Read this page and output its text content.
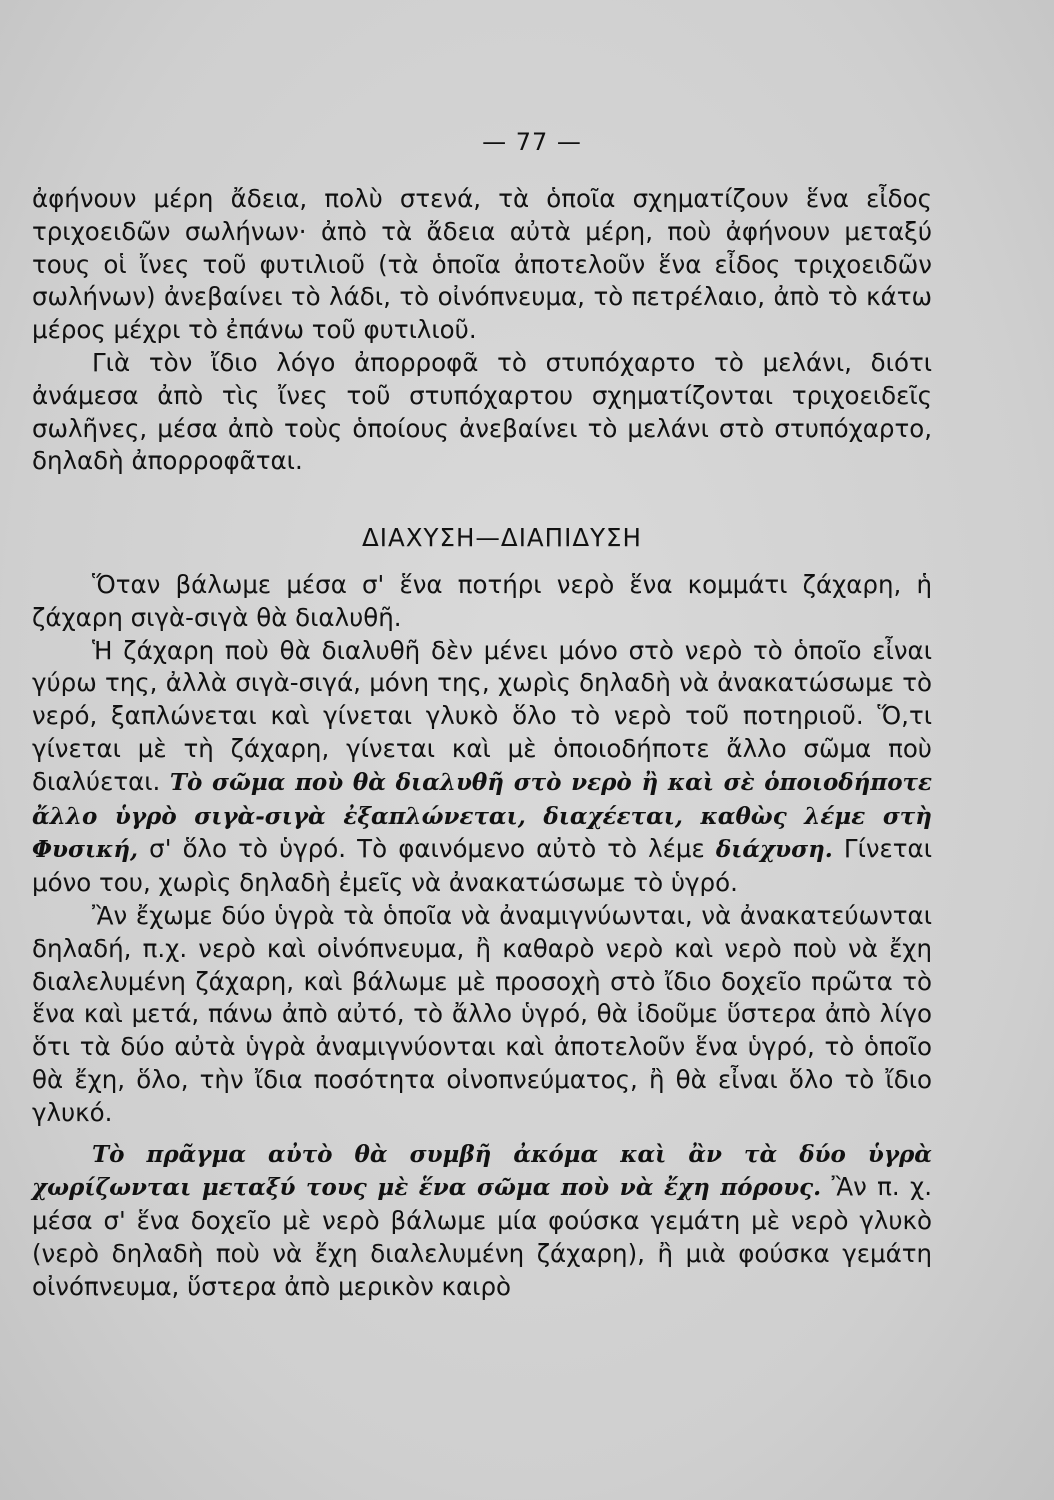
— 77 —

ἀφήνουν μέρη ἄδεια, πολὺ στενά, τὰ ὁποῖα σχηματίζουν ἕνα εἶδος τριχοειδῶν σωλήνων· ἀπὸ τὰ ἄδεια αὐτὰ μέρη, ποὺ ἀφήνουν μεταξύ τους οἱ ἴνες τοῦ φυτιλιοῦ (τὰ ὁποῖα ἀποτελοῦν ἕνα εἶδος τριχοειδῶν σωλήνων) ἀνεβαίνει τὸ λάδι, τὸ οἰνόπνευμα, τὸ πετρέλαιο, ἀπὸ τὸ κάτω μέρος μέχρι τὸ ἐπάνω τοῦ φυτιλιοῦ.

Γιὰ τὸν ἴδιο λόγο ἀπορροφᾶ τὸ στυπόχαρτο τὸ μελάνι, διότι ἀνάμεσα ἀπὸ τὶς ἴνες τοῦ στυπόχαρτου σχηματίζονται τριχοειδεῖς σωλῆνες, μέσα ἀπὸ τοὺς ὁποίους ἀνεβαίνει τὸ μελάνι στὸ στυπόχαρτο, δηλαδὴ ἀπορροφᾶται.

ΔΙΑΧΥΣΗ—ΔΙΑΠΙΔΥΣΗ

Ὅταν βάλωμε μέσα σ' ἕνα ποτήρι νερὸ ἕνα κομμάτι ζάχαρη, ἡ ζάχαρη σιγὰ-σιγὰ θὰ διαλυθῆ.

Ἡ ζάχαρη ποὺ θὰ διαλυθῆ δὲν μένει μόνο στὸ νερὸ τὸ ὁποῖο εἶναι γύρω της, ἀλλὰ σιγὰ-σιγά, μόνη της, χωρὶς δηλαδὴ νὰ ἀνακατώσωμε τὸ νερό, ξαπλώνεται καὶ γίνεται γλυκὸ ὅλο τὸ νερὸ τοῦ ποτηριοῦ. Ὅ,τι γίνεται μὲ τὴ ζάχαρη, γίνεται καὶ μὲ ὁποιοδήποτε ἄλλο σῶμα ποὺ διαλύεται. Τὸ σῶμα ποὺ θὰ διαλυθῆ στὸ νερὸ ἢ καὶ σὲ ὁποιοδήποτε ἄλλο ὑγρὸ σιγὰ-σιγὰ ἐξαπλώνεται, διαχέεται, καθὼς λέμε στὴ Φυσική, σ' ὅλο τὸ ὑγρό. Τὸ φαινόμενο αὐτὸ τὸ λέμε διάχυση. Γίνεται μόνο του, χωρὶς δηλαδὴ ἐμεῖς νὰ ἀνακατώσωμε τὸ ὑγρό.

Ἂν ἔχωμε δύο ὑγρὰ τὰ ὁποῖα νὰ ἀναμιγνύωνται, νὰ ἀνακατεύωνται δηλαδή, π.χ. νερὸ καὶ οἰνόπνευμα, ἢ καθαρὸ νερὸ καὶ νερὸ ποὺ νὰ ἔχη διαλελυμένη ζάχαρη, καὶ βάλωμε μὲ προσοχὴ στὸ ἴδιο δοχεῖο πρῶτα τὸ ἕνα καὶ μετά, πάνω ἀπὸ αὐτό, τὸ ἄλλο ὑγρό, θὰ ἰδοῦμε ὕστερα ἀπὸ λίγο ὅτι τὰ δύο αὐτὰ ὑγρὰ ἀναμιγνύονται καὶ ἀποτελοῦν ἕνα ὑγρό, τὸ ὁποῖο θὰ ἔχη, ὅλο, τὴν ἴδια ποσότητα οἰνοπνεύματος, ἢ θὰ εἶναι ὅλο τὸ ἴδιο γλυκό.

Τὸ πρᾶγμα αὐτὸ θὰ συμβῆ ἀκόμα καὶ ἂν τὰ δύο ὑγρὰ χωρίζωνται μεταξύ τους μὲ ἕνα σῶμα ποὺ νὰ ἔχη πόρους. Ἂν π. χ. μέσα σ' ἕνα δοχεῖο μὲ νερὸ βάλωμε μία φούσκα γεμάτη μὲ νερὸ γλυκὸ (νερὸ δηλαδὴ ποὺ νὰ ἔχη διαλελυμένη ζάχαρη), ἢ μιὰ φούσκα γεμάτη οἰνόπνευμα, ὕστερα ἀπὸ μερικὸν καιρὸ
